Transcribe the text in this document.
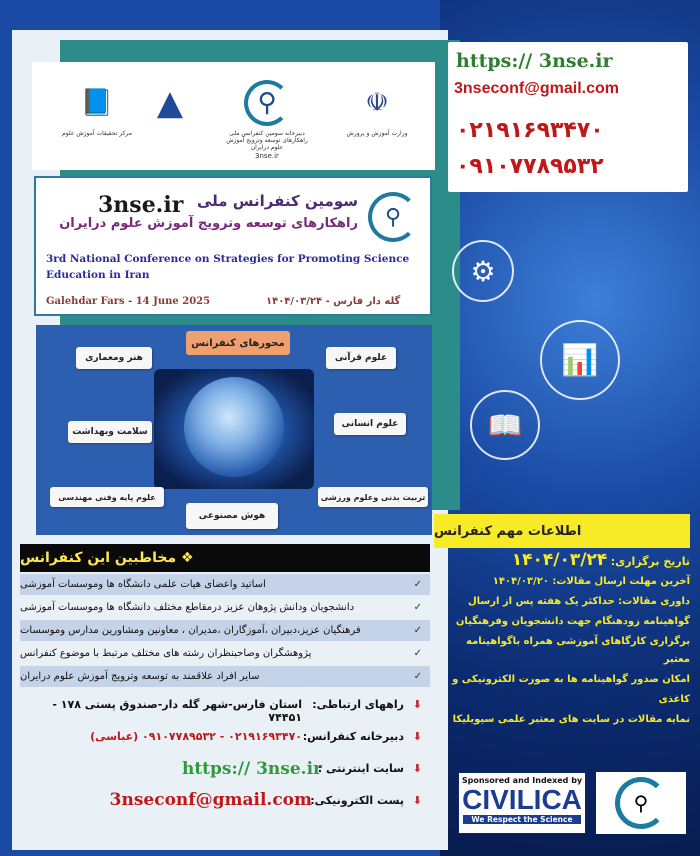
⚙
📊
📖
☫
وزارت آموزش و پرورش
⚲
دبیرخانه سومین کنفرانس ملی راهکارهای توسعه وترویج آموزش علوم درایران
3nse.ir
▲
📘
مرکز تحقیقات آموزش علوم
3nse.ir سومین کنفرانس ملی
راهکارهای توسعه وترویج آموزش علوم درایران	⚲
3rd National Conference on Strategies for Promoting Science Education in Iran
Galehdar Fars - 14 June 2025	گله دار فارس - ۱۴۰۴/۰۳/۲۴
محورهای کنفرانس
هنر ومعماری	علوم قرآنی
سلامت وبهداشت
علوم انسانی
علوم پایه وفنی مهندسی	تربیت بدنی وعلوم ورزشی
هوش مصنوعی
❖ مخاطبین این کنفرانس
✓
اساتید واعضای هیات علمی دانشگاه ها وموسسات آموزشی
✓
دانشجویان ودانش پژوهان عزیز درمقاطع مختلف دانشگاه ها وموسسات آموزشی
✓
فرهنگیان عزیز،دبیران ،آموزگاران ،مدیران ، معاونین ومشاورین مدارس وموسسات
✓
پژوهشگران وصاحبنظران رشته های مختلف مرتبط با موضوع کنفرانس
✓
سایر افراد علاقمند به توسعه وترویج آموزش علوم درایران
⬇
راههای ارتباطی:
استان فارس-شهر گله دار-صندوق پستی ۱۷۸ - ۷۴۴۵۱
⬇
دبیرخانه کنفرانس:
۰۲۱۹۱۶۹۳۴۷۰ - ۰۹۱۰۷۷۸۹۵۳۲ (عباسی)
⬇
سایت اینترنتی :
https:// 3nse.ir
⬇
پست الکترونیکی:
3nseconf@gmail.com
https:// 3nse.ir
3nseconf@gmail.com
۰۲۱۹۱۶۹۳۴۷۰
۰۹۱۰۷۷۸۹۵۳۲
اطلاعات مهم کنفرانس
تاریخ برگزاری: ۱۴۰۴/۰۳/۲۴
آخرین مهلت ارسال مقالات: ۱۴۰۴/۰۳/۲۰
داوری مقالات: حداکثر یک هفته پس از ارسال
گواهینامه زودهنگام جهت دانشجویان وفرهنگیان
برگزاری کارگاهای آموزشی همراه باگواهینامه
معتبر
امکان صدور گواهینامه ها به صورت الکترونیکی و
کاغذی
نمایه مقالات در سایت های معتبر علمی سیویلیکا
Sponsored and Indexed by
CIVILICA
We Respect the Science
⚲
